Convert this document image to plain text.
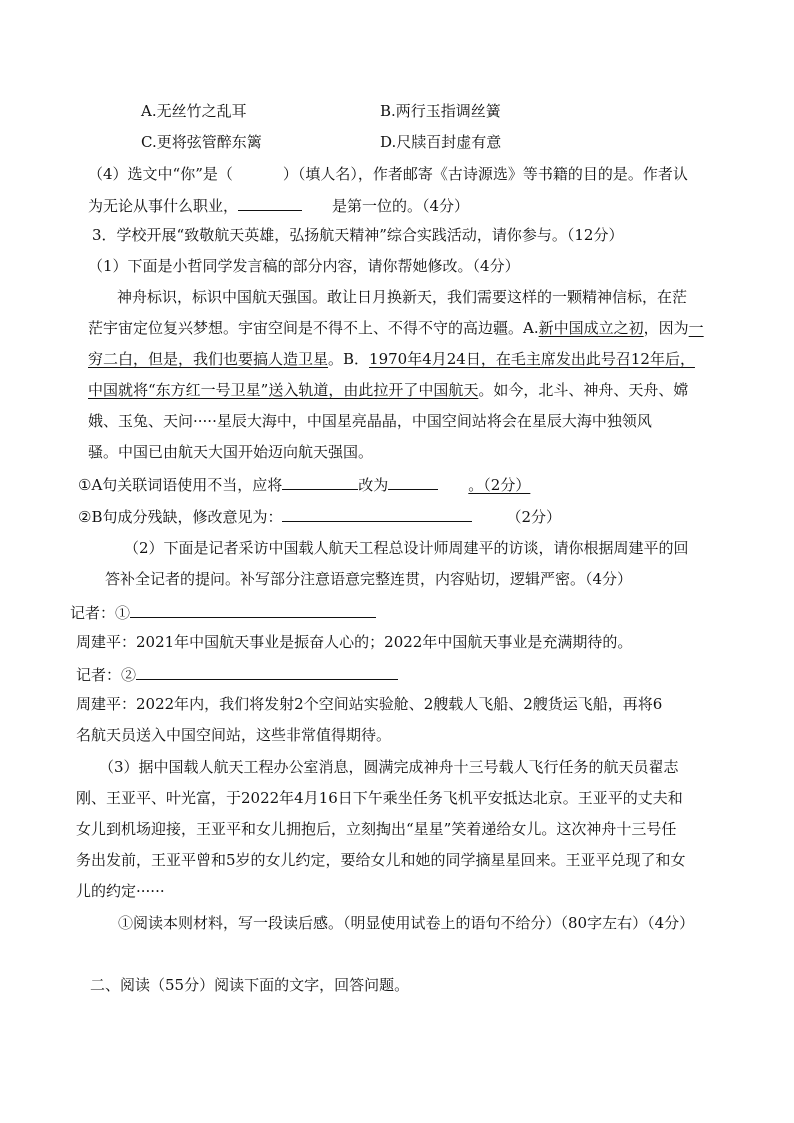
A.无丝竹之乱耳	B.两行玉指调丝簧
C.更将弦管醉东篱	D.尺牍百封虚有意
（4）选文中“你”是（	）（填人名），作者邮寄《古诗源选》等书籍的目的是。作者认
为无论从事什么职业，	是第一位的。（4分）
3．学校开展“致敬航天英雄，弘扬航天精神”综合实践活动，请你参与。（12分）
（1）下面是小哲同学发言稿的部分内容，请你帮她修改。（4分）
神舟标识，标识中国航天强国。敢让日月换新天，我们需要这样的一颗精神信标，在茫
茫宇宙定位复兴梦想。宇宙空间是不得不上、不得不守的高边疆。A.新中国成立之初，因为一
穷二白，但是，我们也要搞人造卫星。B．1970年4月24日，在毛主席发出此号召12年后，
中国就将“东方红一号卫星”送入轨道，由此拉开了中国航天。如今，北斗、神舟、天舟、嫦
娥、玉兔、天问·····星辰大海中，中国星亮晶晶，中国空间站将会在星辰大海中独领风
骚。中国已由航天大国开始迈向航天强国。
①A句关联词语使用不当，应将	改为	。（2分）
②B句成分残缺，修改意见为：	（2分）
（2）下面是记者采访中国载人航天工程总设计师周建平的访谈，请你根据周建平的回
答补全记者的提问。补写部分注意语意完整连贯，内容贴切，逻辑严密。（4分）
记者：①
周建平：2021年中国航天事业是振奋人心的；2022年中国航天事业是充满期待的。
记者：②
周建平：2022年内，我们将发射2个空间站实验舱、2艘载人飞船、2艘货运飞船，再将6
名航天员送入中国空间站，这些非常值得期待。
（3）据中国载人航天工程办公室消息，圆满完成神舟十三号载人飞行任务的航天员翟志
刚、王亚平、叶光富，于2022年4月16日下午乘坐任务飞机平安抵达北京。王亚平的丈夫和
女儿到机场迎接，王亚平和女儿拥抱后，立刻掏出“星星”笑着递给女儿。这次神舟十三号任
务出发前，王亚平曾和5岁的女儿约定，要给女儿和她的同学摘星星回来。王亚平兑现了和女
儿的约定······
①阅读本则材料，写一段读后感。（明显使用试卷上的语句不给分）（80字左右）（4分）
二、阅读（55分）阅读下面的文字，回答问题。
